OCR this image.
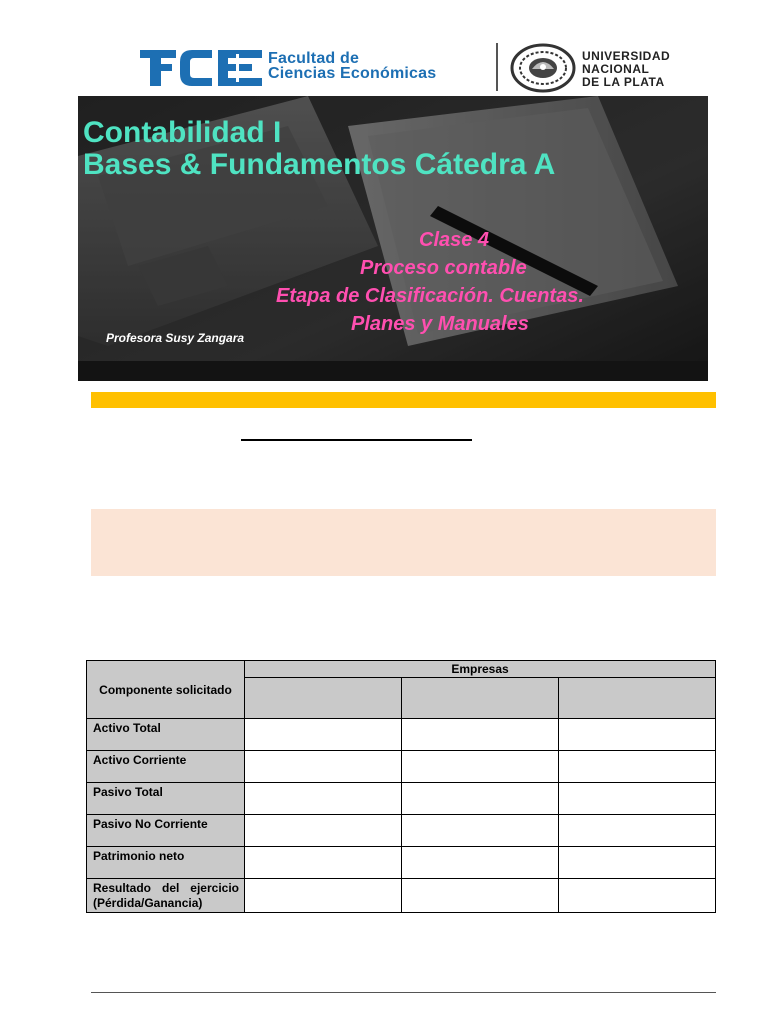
Facultad de
Ciencias Económicas
UNIVERSIDAD
NACIONAL
DE LA PLATA
Contabilidad I
Bases & Fundamentos Cátedra A
Clase 4
Proceso contable
Etapa de Clasificación. Cuentas.
Planes y Manuales
Profesora Susy Zangara
Componente solicitado	Empresas		

Activo Total			
Activo Corriente			
Pasivo Total			
Pasivo No Corriente			
Patrimonio neto			
Resultado del ejercicio (Pérdida/Ganancia)			
